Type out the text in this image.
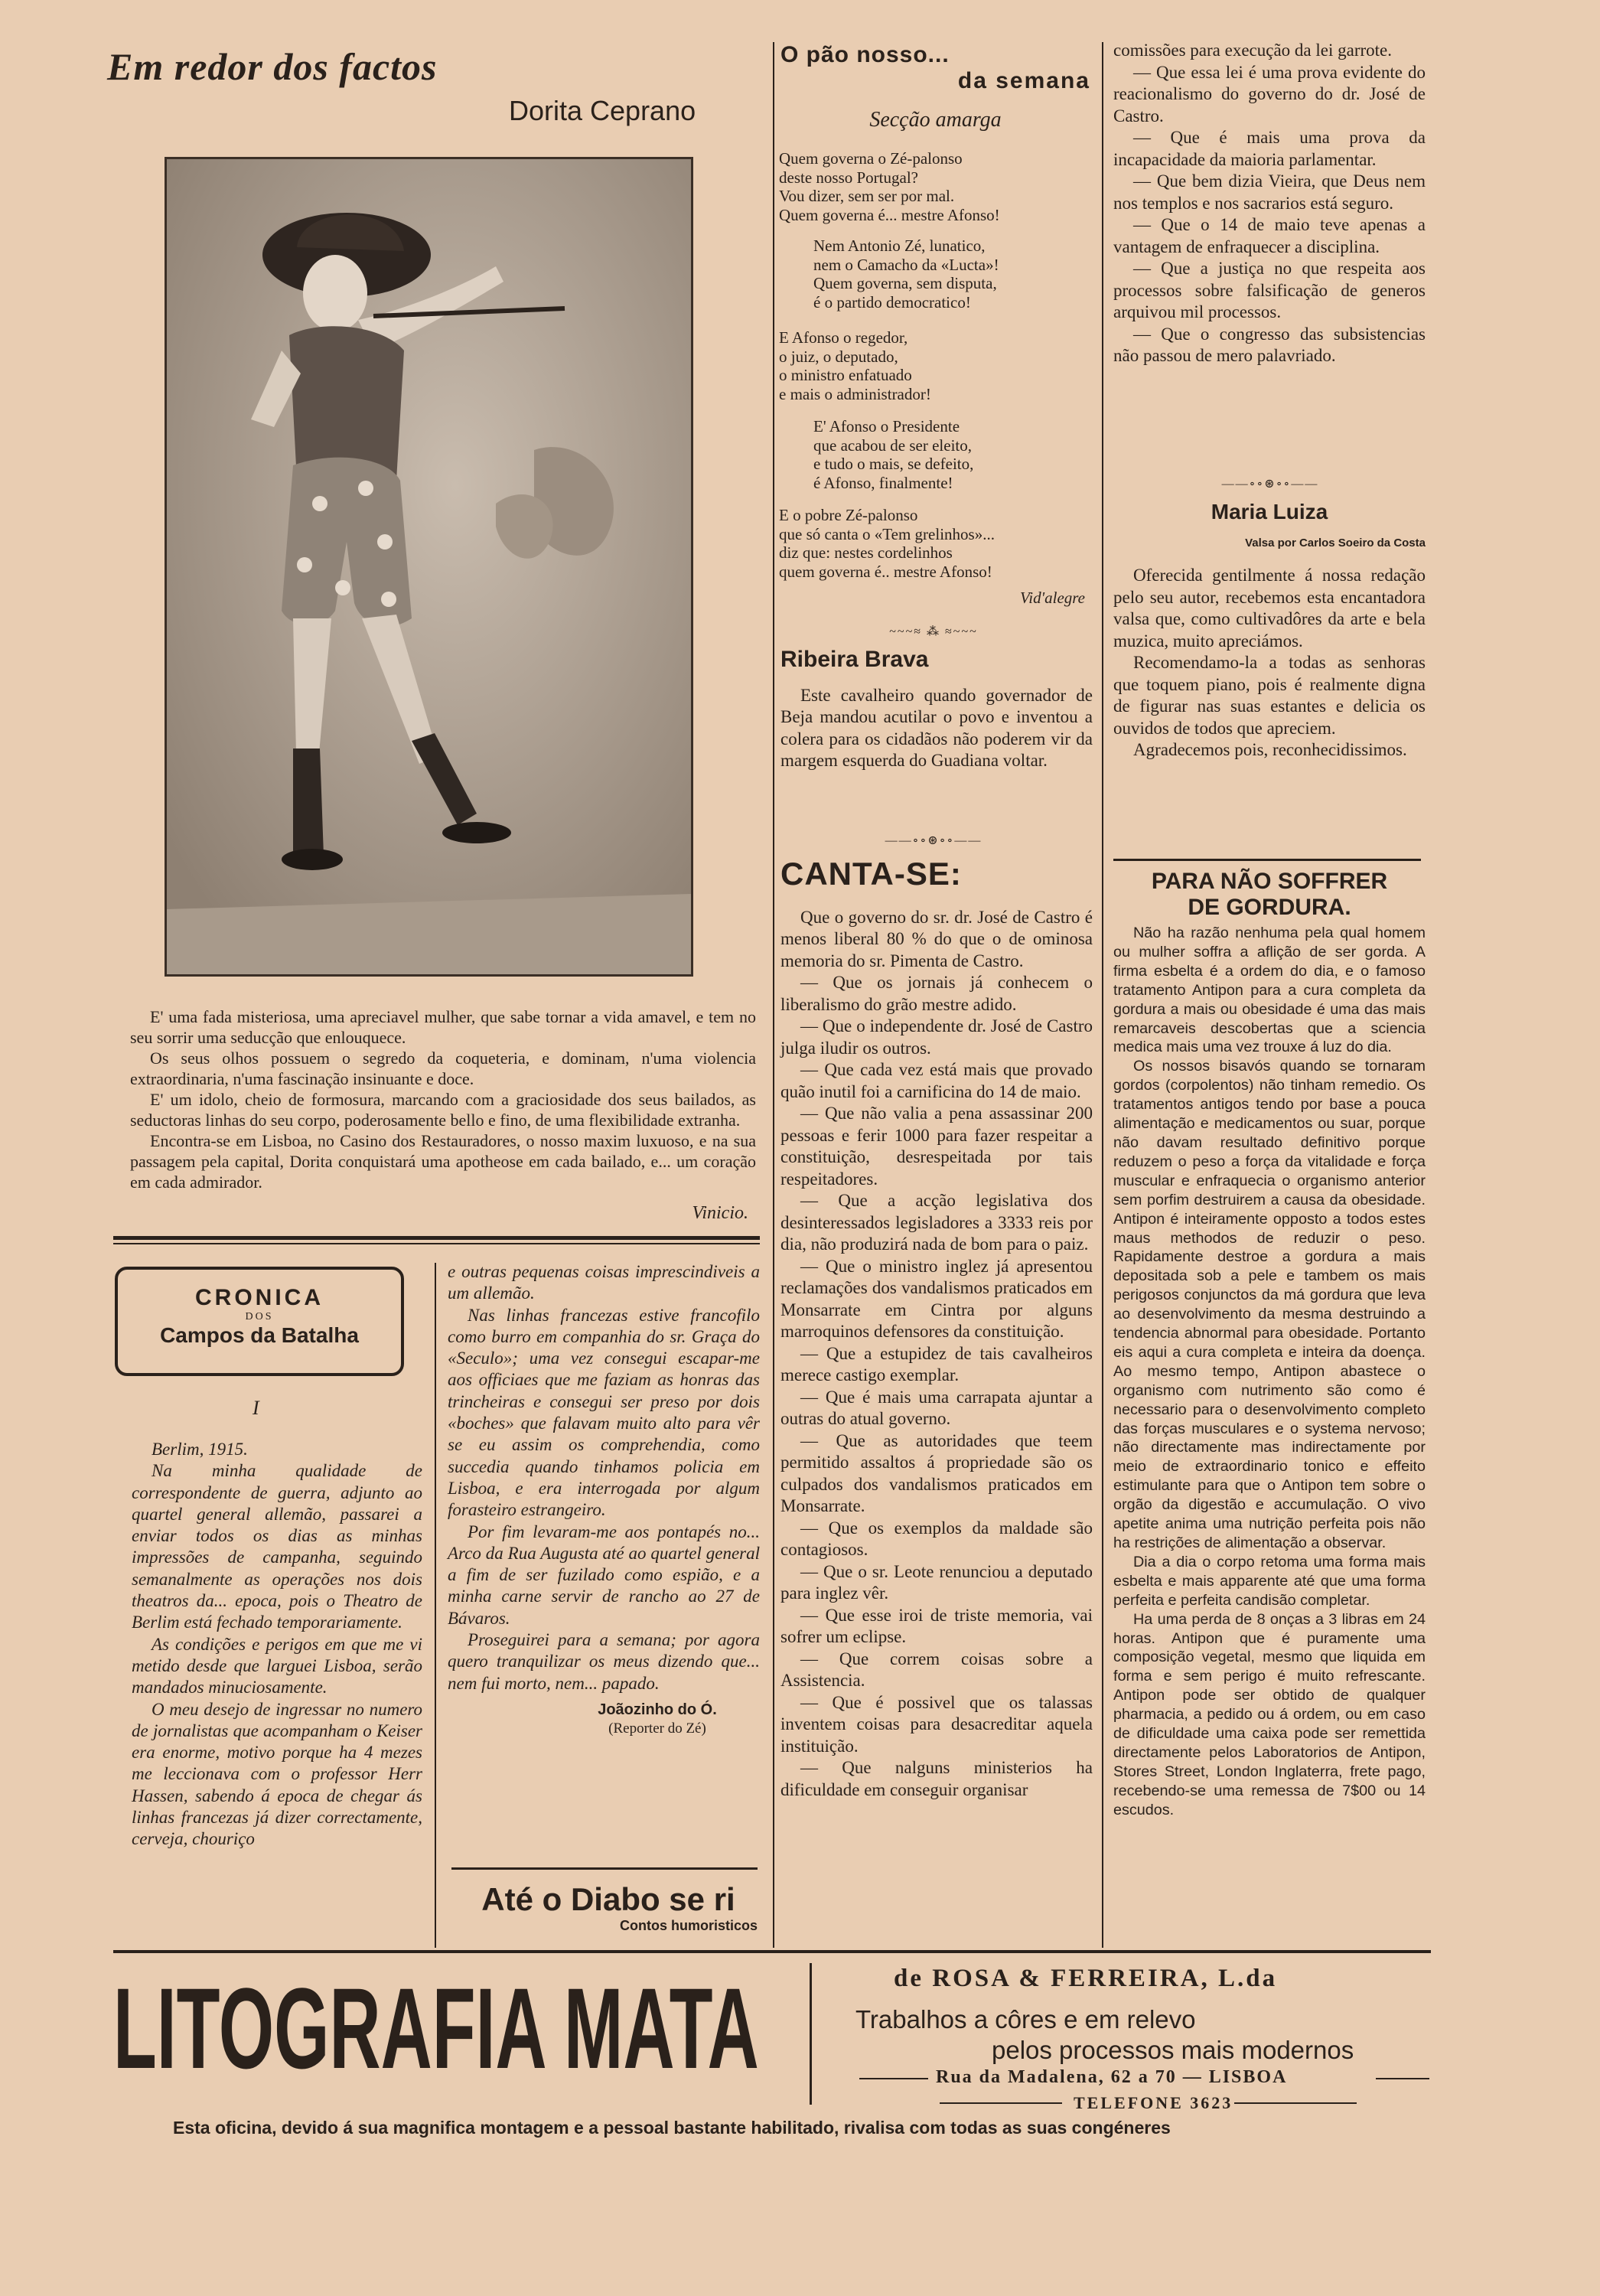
Em redor dos factos
Dorita Ceprano

E' uma fada misteriosa, uma apreciavel mulher, que sabe tornar a vida amavel, e tem no seu sorrir uma seducção que enlouquece.

Os seus olhos possuem o segredo da coqueteria, e dominam, n'uma violencia extraordinaria, n'uma fascinação insinuante e doce.

E' um idolo, cheio de formosura, marcando com a graciosidade dos seus bailados, as seductoras linhas do seu corpo, poderosamente bello e fino, de uma flexibilidade extranha.

Encontra-se em Lisboa, no Casino dos Restauradores, o nosso maxim luxuoso, e na sua passagem pela capital, Dorita conquistará uma apotheose em cada bailado, e... um coração em cada admirador.

Vinicio.
CRONICA
DOS
Campos da Batalha
I

Berlim, 1915.

Na minha qualidade de correspondente de guerra, adjunto ao quartel general allemão, passarei a enviar todos os dias as minhas impressões de campanha, seguindo semanalmente as operações nos dois theatros da... epoca, pois o Theatro de Berlim está fechado temporariamente.

As condições e perigos em que me vi metido desde que larguei Lisboa, serão mandados minuciosamente.

O meu desejo de ingressar no numero de jornalistas que acompanham o Keiser era enorme, motivo porque ha 4 mezes me leccionava com o professor Herr Hassen, sabendo á epoca de chegar ás linhas francezas já dizer correctamente, cerveja, chouriço

e outras pequenas coisas imprescindiveis a um allemão.

Nas linhas francezas estive francofilo como burro em companhia do sr. Graça do «Seculo»; uma vez consegui escapar-me aos officiaes que me faziam as honras das trincheiras e consegui ser preso por dois «boches» que falavam muito alto para vêr se eu assim os comprehendia, como succedia quando tinhamos policia em Lisboa, e era interrogada por algum forasteiro estrangeiro.

Por fim levaram-me aos pontapés no... Arco da Rua Augusta até ao quartel general a fim de ser fuzilado como espião, e a minha carne servir de rancho ao 27 de Bávaros.

Proseguirei para a semana; por agora quero tranquilizar os meus dizendo que... nem fui morto, nem... papado.

Joãozinho do Ó.
(Reporter do Zé)
Até o Diabo se ri
Contos humoristicos
O pão nosso...
da semana
Secção amarga
Quem governa o Zé-palonso
deste nosso Portugal?
Vou dizer, sem ser por mal.
Quem governa é... mestre Afonso!
Nem Antonio Zé, lunatico,
nem o Camacho da «Lucta»!
Quem governa, sem disputa,
é o partido democratico!
E Afonso o regedor,
o juiz, o deputado,
o ministro enfatuado
e mais o administrador!
E' Afonso o Presidente
que acabou de ser eleito,
e tudo o mais, se defeito,
é Afonso, finalmente!
E o pobre Zé-palonso
que só canta o «Tem grelinhos»...
diz que: nestes cordelinhos
quem governa é.. mestre Afonso!
Vid'alegre
~~~≈ ⁂ ≈~~~
Ribeira Brava

Este cavalheiro quando governador de Beja mandou acutilar o povo e inventou a colera para os cidadãos não poderem vir da margem esquerda do Guadiana voltar.

——∘∘⊛∘∘——
CANTA-SE:

Que o governo do sr. dr. José de Castro é menos liberal 80 % do que o de ominosa memoria do sr. Pimenta de Castro.

— Que os jornais já conhecem o liberalismo do grão mestre adido.

— Que o independente dr. José de Castro julga iludir os outros.

— Que cada vez está mais que provado quão inutil foi a carnificina do 14 de maio.

— Que não valia a pena assassinar 200 pessoas e ferir 1000 para fazer respeitar a constituição, desrespeitada por tais respeitadores.

— Que a acção legislativa dos desinteressados legisladores a 3333 reis por dia, não produzirá nada de bom para o paiz.

— Que o ministro inglez já apresentou reclamações dos vandalismos praticados em Monsarrate em Cintra por alguns marroquinos defensores da constituição.

— Que a estupidez de tais cavalheiros merece castigo exemplar.

— Que é mais uma carrapata ajuntar a outras do atual governo.

— Que as autoridades que teem permitido assaltos á propriedade são os culpados dos vandalismos praticados em Monsarrate.

— Que os exemplos da maldade são contagiosos.

— Que o sr. Leote renunciou a deputado para inglez vêr.

— Que esse iroi de triste memoria, vai sofrer um eclipse.

— Que correm coisas sobre a Assistencia.

— Que é possivel que os talassas inventem coisas para desacreditar aquela instituição.

— Que nalguns ministerios ha dificuldade em conseguir organisar

comissões para execução da lei garrote.

— Que essa lei é uma prova evidente do reacionalismo do governo do dr. José de Castro.

— Que é mais uma prova da incapacidade da maioria parlamentar.

— Que bem dizia Vieira, que Deus nem nos templos e nos sacrarios está seguro.

— Que o 14 de maio teve apenas a vantagem de enfraquecer a disciplina.

— Que a justiça no que respeita aos processos sobre falsificação de generos arquivou mil processos.

— Que o congresso das subsistencias não passou de mero palavriado.

——∘∘⊛∘∘——
Maria Luiza
Valsa por Carlos Soeiro da Costa

Oferecida gentilmente á nossa redação pelo seu autor, recebemos esta encantadora valsa que, como cultivadôres da arte e bela muzica, muito apreciámos.

Recomendamo-la a todas as senhoras que toquem piano, pois é realmente digna de figurar nas suas estantes e delicia os ouvidos de todos que apreciem.

Agradecemos pois, reconhecidissimos.

PARA NÃO SOFFRER
DE GORDURA.

Não ha razão nenhuma pela qual homem ou mulher soffra a aflição de ser gorda. A firma esbelta é a ordem do dia, e o famoso tratamento Antipon para a cura completa da gordura a mais ou obesidade é uma das mais remarcaveis descobertas que a sciencia medica mais uma vez trouxe á luz do dia.

Os nossos bisavós quando se tornaram gordos (corpolentos) não tinham remedio. Os tratamentos antigos tendo por base a pouca alimentação e medicamentos ou suar, porque não davam resultado definitivo porque reduzem o peso a força da vitalidade e força muscular e enfraquecia o organismo anterior sem porfim destruirem a causa da obesidade. Antipon é inteiramente opposto a todos estes maus methodos de reduzir o peso. Rapidamente destroe a gordura a mais depositada sob a pele e tambem os mais perigosos conjunctos da má gordura que leva ao desenvolvimento da mesma destruindo a tendencia abnormal para obesidade. Portanto eis aqui a cura completa e inteira da doença. Ao mesmo tempo, Antipon abastece o organismo com nutrimento são como é necessario para o desenvolvimento completo das forças musculares e o systema nervoso; não directamente mas indirectamente por meio de extraordinario tonico e effeito estimulante para que o Antipon tem sobre o orgão da digestão e accumulação. O vivo apetite anima uma nutrição perfeita pois não ha restrições de alimentação a observar.

Dia a dia o corpo retoma uma forma mais esbelta e mais apparente até que uma forma perfeita e perfeita candisão completar.

Ha uma perda de 8 onças a 3 libras em 24 horas. Antipon que é puramente uma composição vegetal, mesmo que liquida em forma e sem perigo é muito refrescante. Antipon pode ser obtido de qualquer pharmacia, a pedido ou á ordem, ou em caso de dificuldade uma caixa pode ser remettida directamente pelos Laboratorios de Antipon, Stores Street, London Inglaterra, frete pago, recebendo-se uma remessa de 7$00 ou 14 escudos.

LITOGRAFIA MATA	de ROSA & FERREIRA, L.da
Trabalhos a côres e em relevo
pelos processos mais modernos
Rua da Madalena, 62 a 70 — LISBOA
TELEFONE 3623
Esta oficina, devido á sua magnifica montagem e a pessoal bastante habilitado, rivalisa com todas as suas congéneres
